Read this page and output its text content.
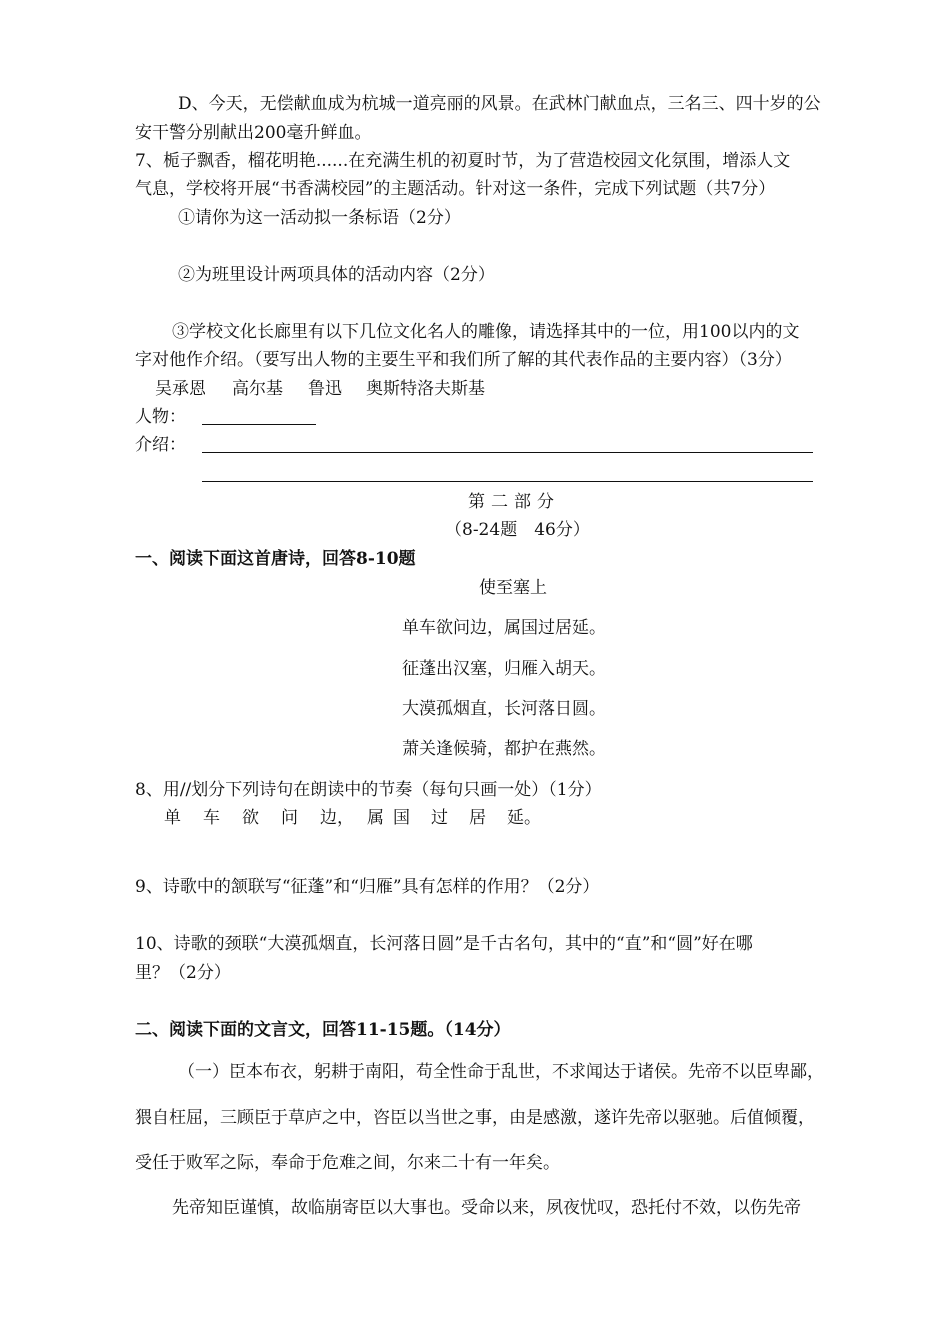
D、今天，无偿献血成为杭城一道亮丽的风景。在武林门献血点，三名三、四十岁的公
安干警分别献出200毫升鲜血。
7、栀子飘香，榴花明艳......在充满生机的初夏时节，为了营造校园文化氛围，增添人文
气息，学校将开展“书香满校园”的主题活动。针对这一条件，完成下列试题（共7分）
①请你为这一活动拟一条标语（2分）
②为班里设计两项具体的活动内容（2分）
③学校文化长廊里有以下几位文化名人的雕像，请选择其中的一位，用100以内的文
字对他作介绍。（要写出人物的主要生平和我们所了解的其代表作品的主要内容）（3分）
吴承恩 高尔基 鲁迅 奥斯特洛夫斯基
人物：
介绍：
第二部分
（8-24题　46分）
一、阅读下面这首唐诗，回答8-10题
使至塞上
单车欲问边，属国过居延。
征蓬出汉塞，归雁入胡天。
大漠孤烟直，长河落日圆。
萧关逢候骑，都护在燕然。
8、用//划分下列诗句在朗读中的节奏（每句只画一处）（1分）
单 车 欲 问 边， 属 国 过 居 延。
9、诗歌中的颔联写“征蓬”和“归雁”具有怎样的作用？（2分）
10、诗歌的颈联“大漠孤烟直，长河落日圆”是千古名句，其中的“直”和“圆”好在哪
里？（2分）
二、阅读下面的文言文，回答11-15题。（14分）
（一）臣本布衣，躬耕于南阳，苟全性命于乱世，不求闻达于诸侯。先帝不以臣卑鄙，
猥自枉屈，三顾臣于草庐之中，咨臣以当世之事，由是感激，遂许先帝以驱驰。后值倾覆，
受任于败军之际，奉命于危难之间，尔来二十有一年矣。
先帝知臣谨慎，故临崩寄臣以大事也。受命以来，夙夜忧叹，恐托付不效，以伤先帝
